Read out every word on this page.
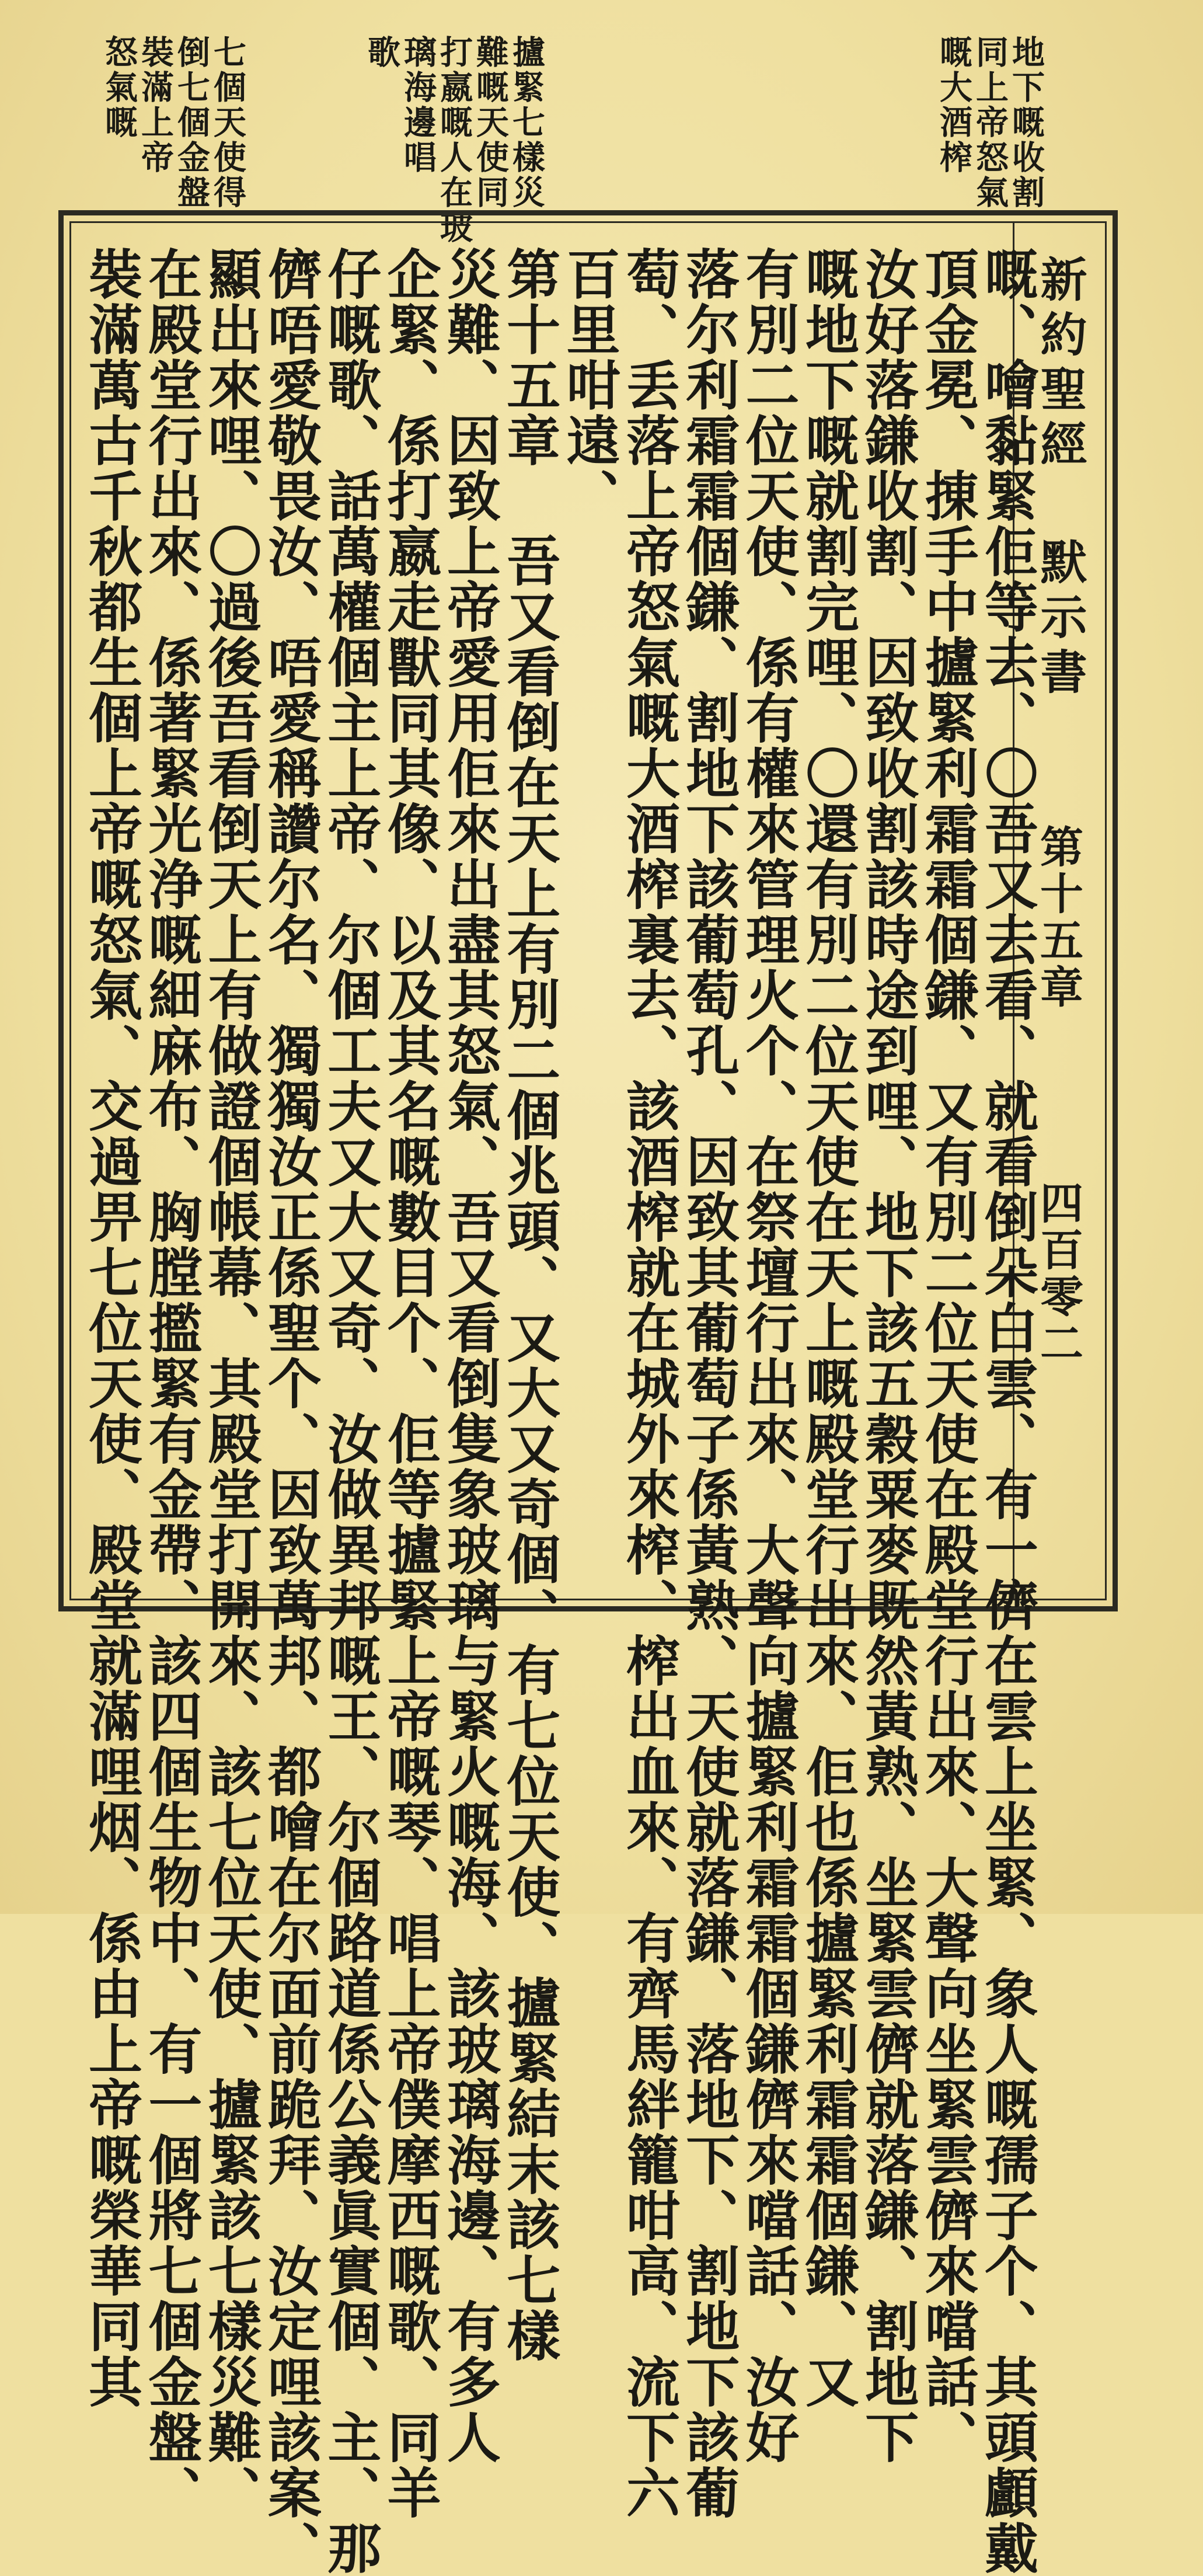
地下嘅收割
同上帝怒氣
嘅大酒榨
攎緊七樣災
難嘅天使同
打嬴嘅人在玻
璃海邊唱
歌
七個天使得
倒七個金盤
裝滿上帝
怒氣嘅
新約聖經 默示書
第十五章
四百零二
嘅、噲黏緊佢等去、〇吾又去看、就看倒朵白雲、有一儕在雲上坐緊、象人嘅孺子个、其頭顱戴
頂金冕、㨂手中攎緊利霜霜個鎌、又有別二位天使在殿堂行出來、大聲向坐緊雲儕來噹話、
汝好落鎌收割、因致收割該時途到哩、地下該五穀粟麥既然黃熟、坐緊雲儕就落鎌、割地下
嘅地下嘅就割完哩、〇還有別二位天使在天上嘅殿堂行出來、佢也係攎緊利霜霜個鎌、又
有別二位天使、係有權來管理火个、在祭壇行出來、大聲向攎緊利霜霜個鎌儕來噹話、汝好
落尔利霜霜個鎌、割地下該葡萄孔、因致其葡萄子係黃熟、天使就落鎌、落地下、割地下該葡
萄、丢落上帝怒氣嘅大酒榨裏去、該酒榨就在城外來榨、榨出血來、有齊馬絆籠咁高、流下六
百里咁遠、
第十五章 吾又看倒在天上有別二個兆頭、又大又奇個、有七位天使、攎緊結末該七樣
災難、因致上帝愛用佢來出盡其怒氣、吾又看倒隻象玻璃与緊火嘅海、該玻璃海邊、有多人
企緊、係打嬴走獸同其像、以及其名嘅數目个、佢等攎緊上帝嘅琴、唱上帝僕摩西嘅歌、同羊
仔嘅歌、話萬權個主上帝、尔個工夫又大又奇、汝做異邦嘅王、尔個路道係公義眞實個、主、那
儕唔愛敬畏汝、唔愛稱讚尔名、獨獨汝正係聖个、因致萬邦、都噲在尔面前跪拜、汝定哩該案、
顯出來哩、〇過後吾看倒天上有做證個帳幕、其殿堂打開來、該七位天使、攎緊該七樣災難、
在殿堂行出來、係著緊光浄嘅細麻布、胸膛㩜緊有金帶、該四個生物中、有一個將七個金盤、
裝滿萬古千秋都生個上帝嘅怒氣、交過畀七位天使、殿堂就滿哩烟、係由上帝嘅榮華同其
